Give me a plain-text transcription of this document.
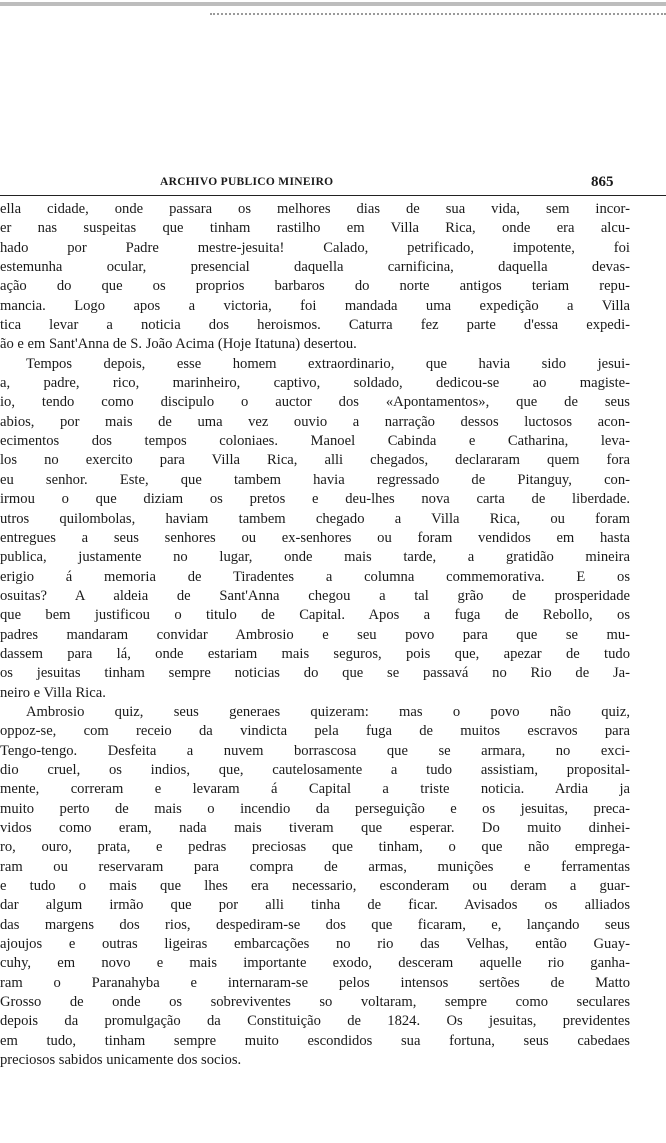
ARCHIVO PUBLICO MINEIRO	865
ella cidade, onde passara os melhores dias de sua vida, sem incor-
er nas suspeitas que tinham rastilho em Villa Rica, onde era alcu-
hado por Padre mestre-jesuita! Calado, petrificado, impotente, foi
estemunha ocular, presencial daquella carnificina, daquella devas-
ação do que os proprios barbaros do norte antigos teriam repu-
mancia. Logo apos a victoria, foi mandada uma expedição a Villa
tica levar a noticia dos heroismos. Caturra fez parte d'essa expedi-
ão e em Sant'Anna de S. João Acima (Hoje Itatuna) desertou.
Tempos depois, esse homem extraordinario, que havia sido jesui-
a, padre, rico, marinheiro, captivo, soldado, dedicou-se ao magiste-
io, tendo como discipulo o auctor dos «Apontamentos», que de seus
abios, por mais de uma vez ouvio a narração dessos luctosos acon-
ecimentos dos tempos coloniaes. Manoel Cabinda e Catharina, leva-
los no exercito para Villa Rica, alli chegados, declararam quem fora
eu senhor. Este, que tambem havia regressado de Pitanguy, con-
irmou o que diziam os pretos e deu-lhes nova carta de liberdade.
utros quilombolas, haviam tambem chegado a Villa Rica, ou foram
entregues a seus senhores ou ex-senhores ou foram vendidos em hasta
publica, justamente no lugar, onde mais tarde, a gratidão mineira
erigio á memoria de Tiradentes a columna commemorativa. E os
osuitas? A aldeia de Sant'Anna chegou a tal grão de prosperidade
que bem justificou o titulo de Capital. Apos a fuga de Rebollo, os
padres mandaram convidar Ambrosio e seu povo para que se mu-
dassem para lá, onde estariam mais seguros, pois que, apezar de tudo
os jesuitas tinham sempre noticias do que se passavá no Rio de Ja-
neiro e Villa Rica.
Ambrosio quiz, seus generaes quizeram: mas o povo não quiz,
oppoz-se, com receio da vindicta pela fuga de muitos escravos para
Tengo-tengo. Desfeita a nuvem borrascosa que se armara, no exci-
dio cruel, os indios, que, cautelosamente a tudo assistiam, proposital-
mente, correram e levaram á Capital a triste noticia. Ardia ja
muito perto de mais o incendio da perseguição e os jesuitas, preca-
vidos como eram, nada mais tiveram que esperar. Do muito dinhei-
ro, ouro, prata, e pedras preciosas que tinham, o que não emprega-
ram ou reservaram para compra de armas, munições e ferramentas
e tudo o mais que lhes era necessario, esconderam ou deram a guar-
dar algum irmão que por alli tinha de ficar. Avisados os alliados
das margens dos rios, despediram-se dos que ficaram, e, lançando seus
ajoujos e outras ligeiras embarcações no rio das Velhas, então Guay-
cuhy, em novo e mais importante exodo, desceram aquelle rio ganha-
ram o Paranahyba e internaram-se pelos intensos sertões de Matto
Grosso de onde os sobreviventes so voltaram, sempre como seculares
depois da promulgação da Constituição de 1824. Os jesuitas, previdentes
em tudo, tinham sempre muito escondidos sua fortuna, seus cabedaes
preciosos sabidos unicamente dos socios.
